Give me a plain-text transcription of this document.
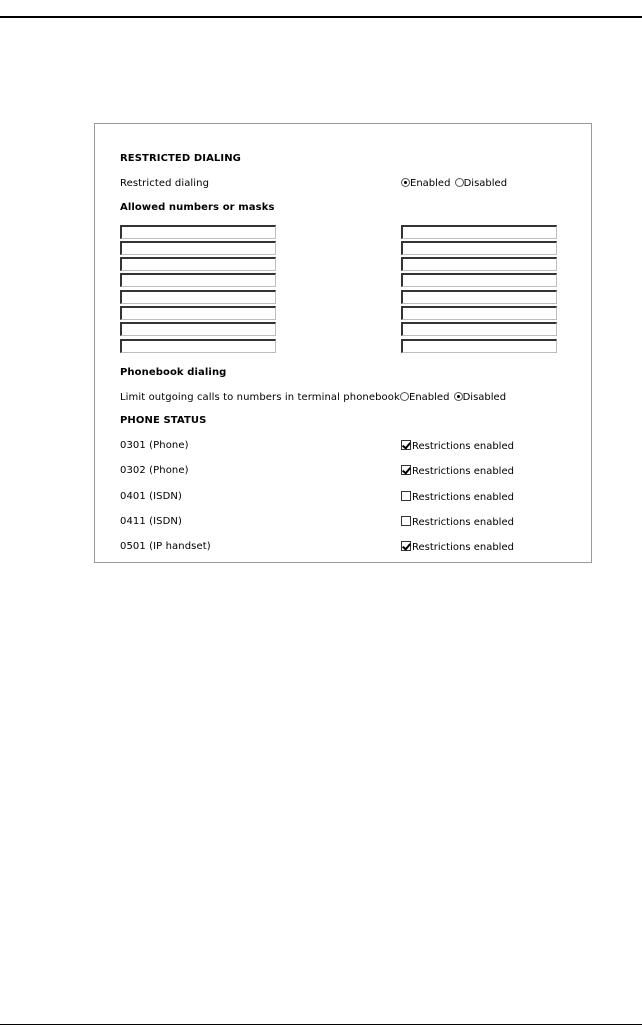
RESTRICTED DIALING
Restricted dialing	Enabled Disabled
Allowed numbers or masks
Phonebook dialing
Limit outgoing calls to numbers in terminal phonebook Enabled Disabled
PHONE STATUS
0301 (Phone)	Restrictions enabled
0302 (Phone)	Restrictions enabled
0401 (ISDN)	Restrictions enabled
0411 (ISDN)	Restrictions enabled
0501 (IP handset)	Restrictions enabled
